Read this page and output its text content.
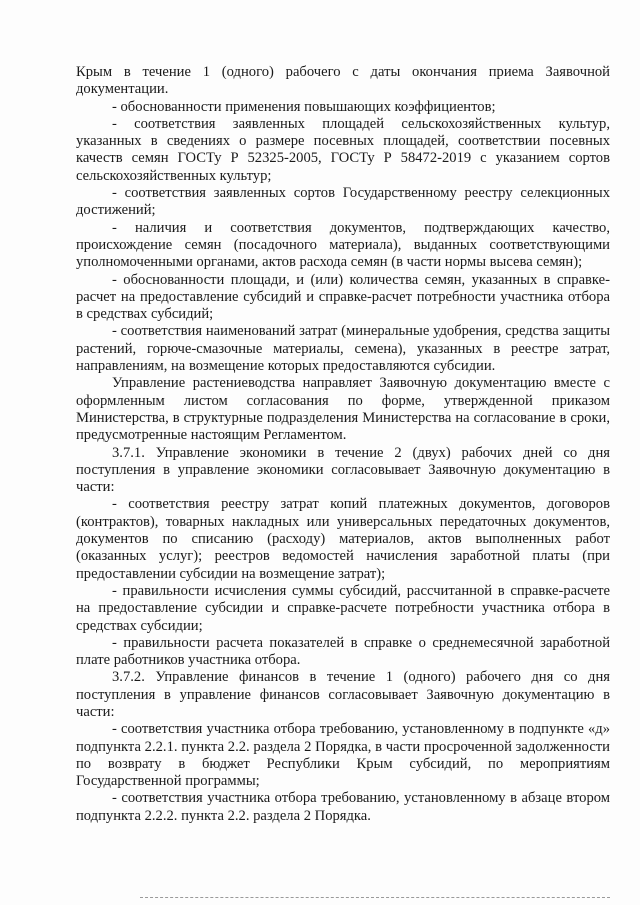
Крым в течение 1 (одного) рабочего с даты окончания приема Заявочной документации.

- обоснованности применения повышающих коэффициентов;

- соответствия заявленных площадей сельскохозяйственных культур, указанных в сведениях о размере посевных площадей, соответствии посевных качеств семян ГОСТу Р 52325-2005, ГОСТу Р 58472-2019 с указанием сортов сельскохозяйственных культур;

- соответствия заявленных сортов Государственному реестру селекционных достижений;

- наличия и соответствия документов, подтверждающих качество, происхождение семян (посадочного материала), выданных соответствующими уполномоченными органами, актов расхода семян (в части нормы высева семян);

- обоснованности площади, и (или) количества семян, указанных в справке-расчет на предоставление субсидий и справке-расчет потребности участника отбора в средствах субсидий;

- соответствия наименований затрат (минеральные удобрения, средства защиты растений, горюче-смазочные материалы, семена), указанных в реестре затрат, направлениям, на возмещение которых предоставляются субсидии.

Управление растениеводства направляет Заявочную документацию вместе с оформленным листом согласования по форме, утвержденной приказом Министерства, в структурные подразделения Министерства на согласование в сроки, предусмотренные настоящим Регламентом.

3.7.1. Управление экономики в течение 2 (двух) рабочих дней со дня поступления в управление экономики согласовывает Заявочную документацию в части:

- соответствия реестру затрат копий платежных документов, договоров (контрактов), товарных накладных или универсальных передаточных документов, документов по списанию (расходу) материалов, актов выполненных работ (оказанных услуг); реестров ведомостей начисления заработной платы (при предоставлении субсидии на возмещение затрат);

- правильности исчисления суммы субсидий, рассчитанной в справке-расчете на предоставление субсидии и справке-расчете потребности участника отбора в средствах субсидии;

- правильности расчета показателей в справке о среднемесячной заработной плате работников участника отбора.

3.7.2. Управление финансов в течение 1 (одного) рабочего дня со дня поступления в управление финансов согласовывает Заявочную документацию в части:

- соответствия участника отбора требованию, установленному в подпункте «д» подпункта 2.2.1. пункта 2.2. раздела 2 Порядка, в части просроченной задолженности по возврату в бюджет Республики Крым субсидий, по мероприятиям Государственной программы;

- соответствия участника отбора требованию, установленному в абзаце втором подпункта 2.2.2. пункта 2.2. раздела 2 Порядка.
